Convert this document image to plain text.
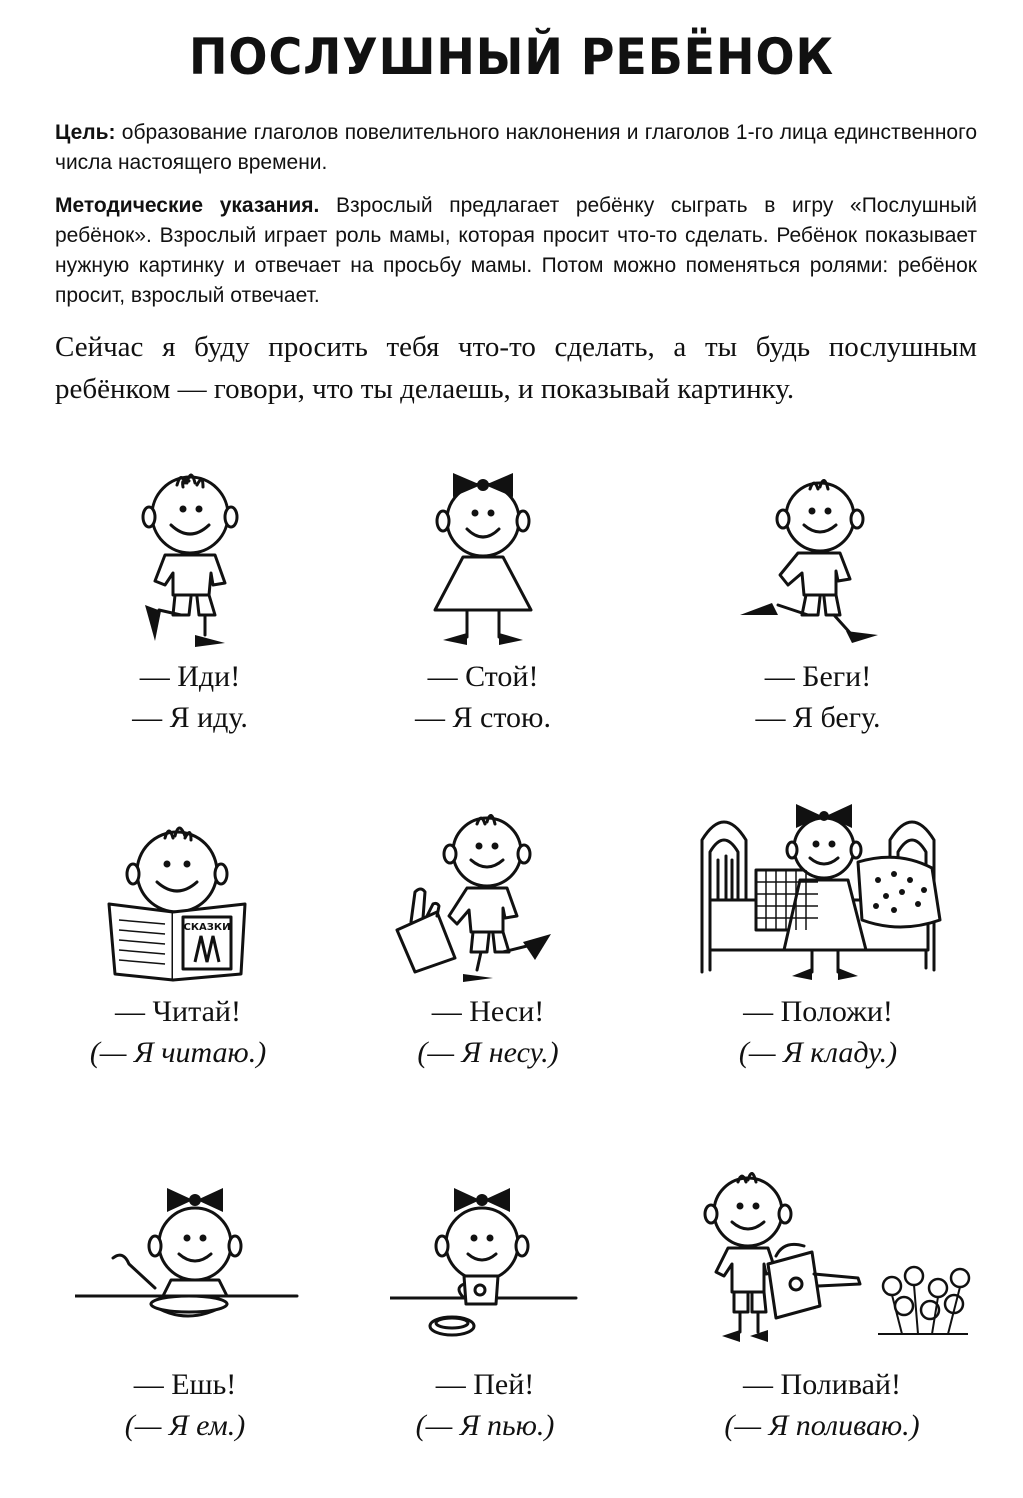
ПОСЛУШНЫЙ РЕБЁНОК
Цель: образование глаголов повелительного наклонения и глаголов 1-го лица единственного числа настоящего времени.
Методические указания. Взрослый предлагает ребёнку сыграть в игру «Послушный ребёнок». Взрослый играет роль мамы, которая просит что-то сделать. Ребёнок показывает нужную картинку и отвечает на просьбу мамы. Потом можно поменяться ролями: ребёнок просит, взрослый отвечает.
Сейчас я буду просить тебя что-то сделать, а ты будь послушным ребёнком — говори, что ты делаешь, и показывай картинку.
— Иди!
— Я иду.
— Стой!
— Я стою.
— Беги!
— Я бегу.
СКАЗКИ
— Читай!
(— Я читаю.)
— Неси!
(— Я несу.)
— Положи!
(— Я кладу.)
— Ешь!
(— Я ем.)
— Пей!
(— Я пью.)
— Поливай!
(— Я поливаю.)
